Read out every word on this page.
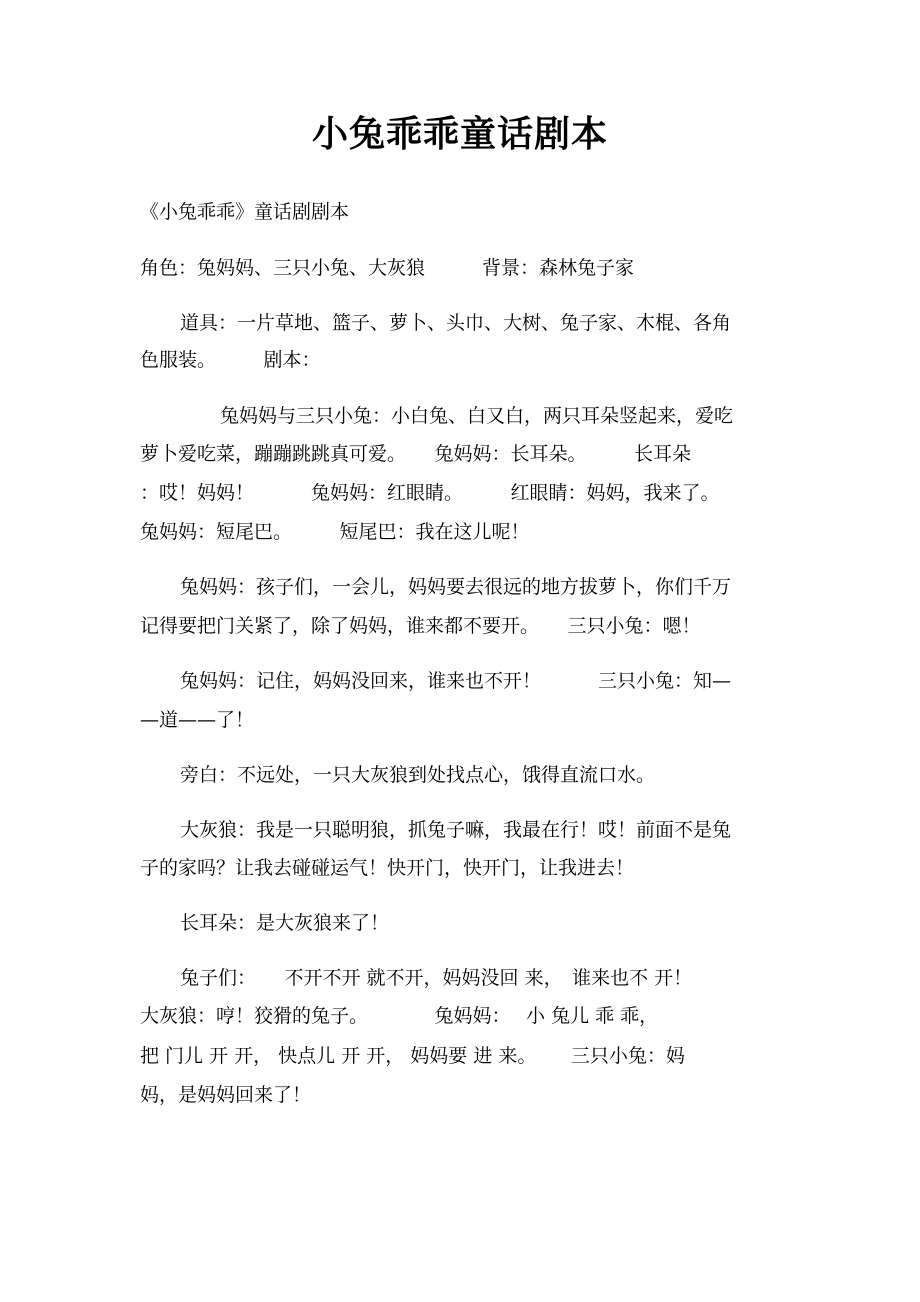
小兔乖乖童话剧本

《小兔乖乖》童话剧剧本

角色：兔妈妈、三只小兔、大灰狼　　　背景：森林兔子家

道具：一片草地、篮子、萝卜、头巾、大树、兔子家、木棍、各角

色服装。　　　剧本：

兔妈妈与三只小兔：小白兔、白又白，两只耳朵竖起来，爱吃

萝卜爱吃菜，蹦蹦跳跳真可爱。　　兔妈妈：长耳朵。　　　长耳朵

：哎！妈妈！　　　兔妈妈：红眼睛。　　　红眼睛：妈妈，我来了。

兔妈妈：短尾巴。　　　短尾巴：我在这儿呢！

兔妈妈：孩子们，一会儿，妈妈要去很远的地方拔萝卜，你们千万

记得要把门关紧了，除了妈妈，谁来都不要开。　　三只小兔：嗯！

兔妈妈：记住，妈妈没回来，谁来也不开！　　　三只小兔：知—

—道——了！

旁白：不远处，一只大灰狼到处找点心，饿得直流口水。

大灰狼：我是一只聪明狼，抓兔子嘛，我最在行！哎！前面不是兔

子的家吗？让我去碰碰运气！快开门，快开门，让我进去！

长耳朵：是大灰狼来了！

兔子们：　　不开不开 就不开，妈妈没回 来，　谁来也不 开！

大灰狼：哼！狡猾的兔子。　　　　兔妈妈：　 小 兔儿 乖 乖，

把 门儿 开 开， 快点儿 开 开， 妈妈要 进 来。　　 三只小兔：妈

妈，是妈妈回来了！
